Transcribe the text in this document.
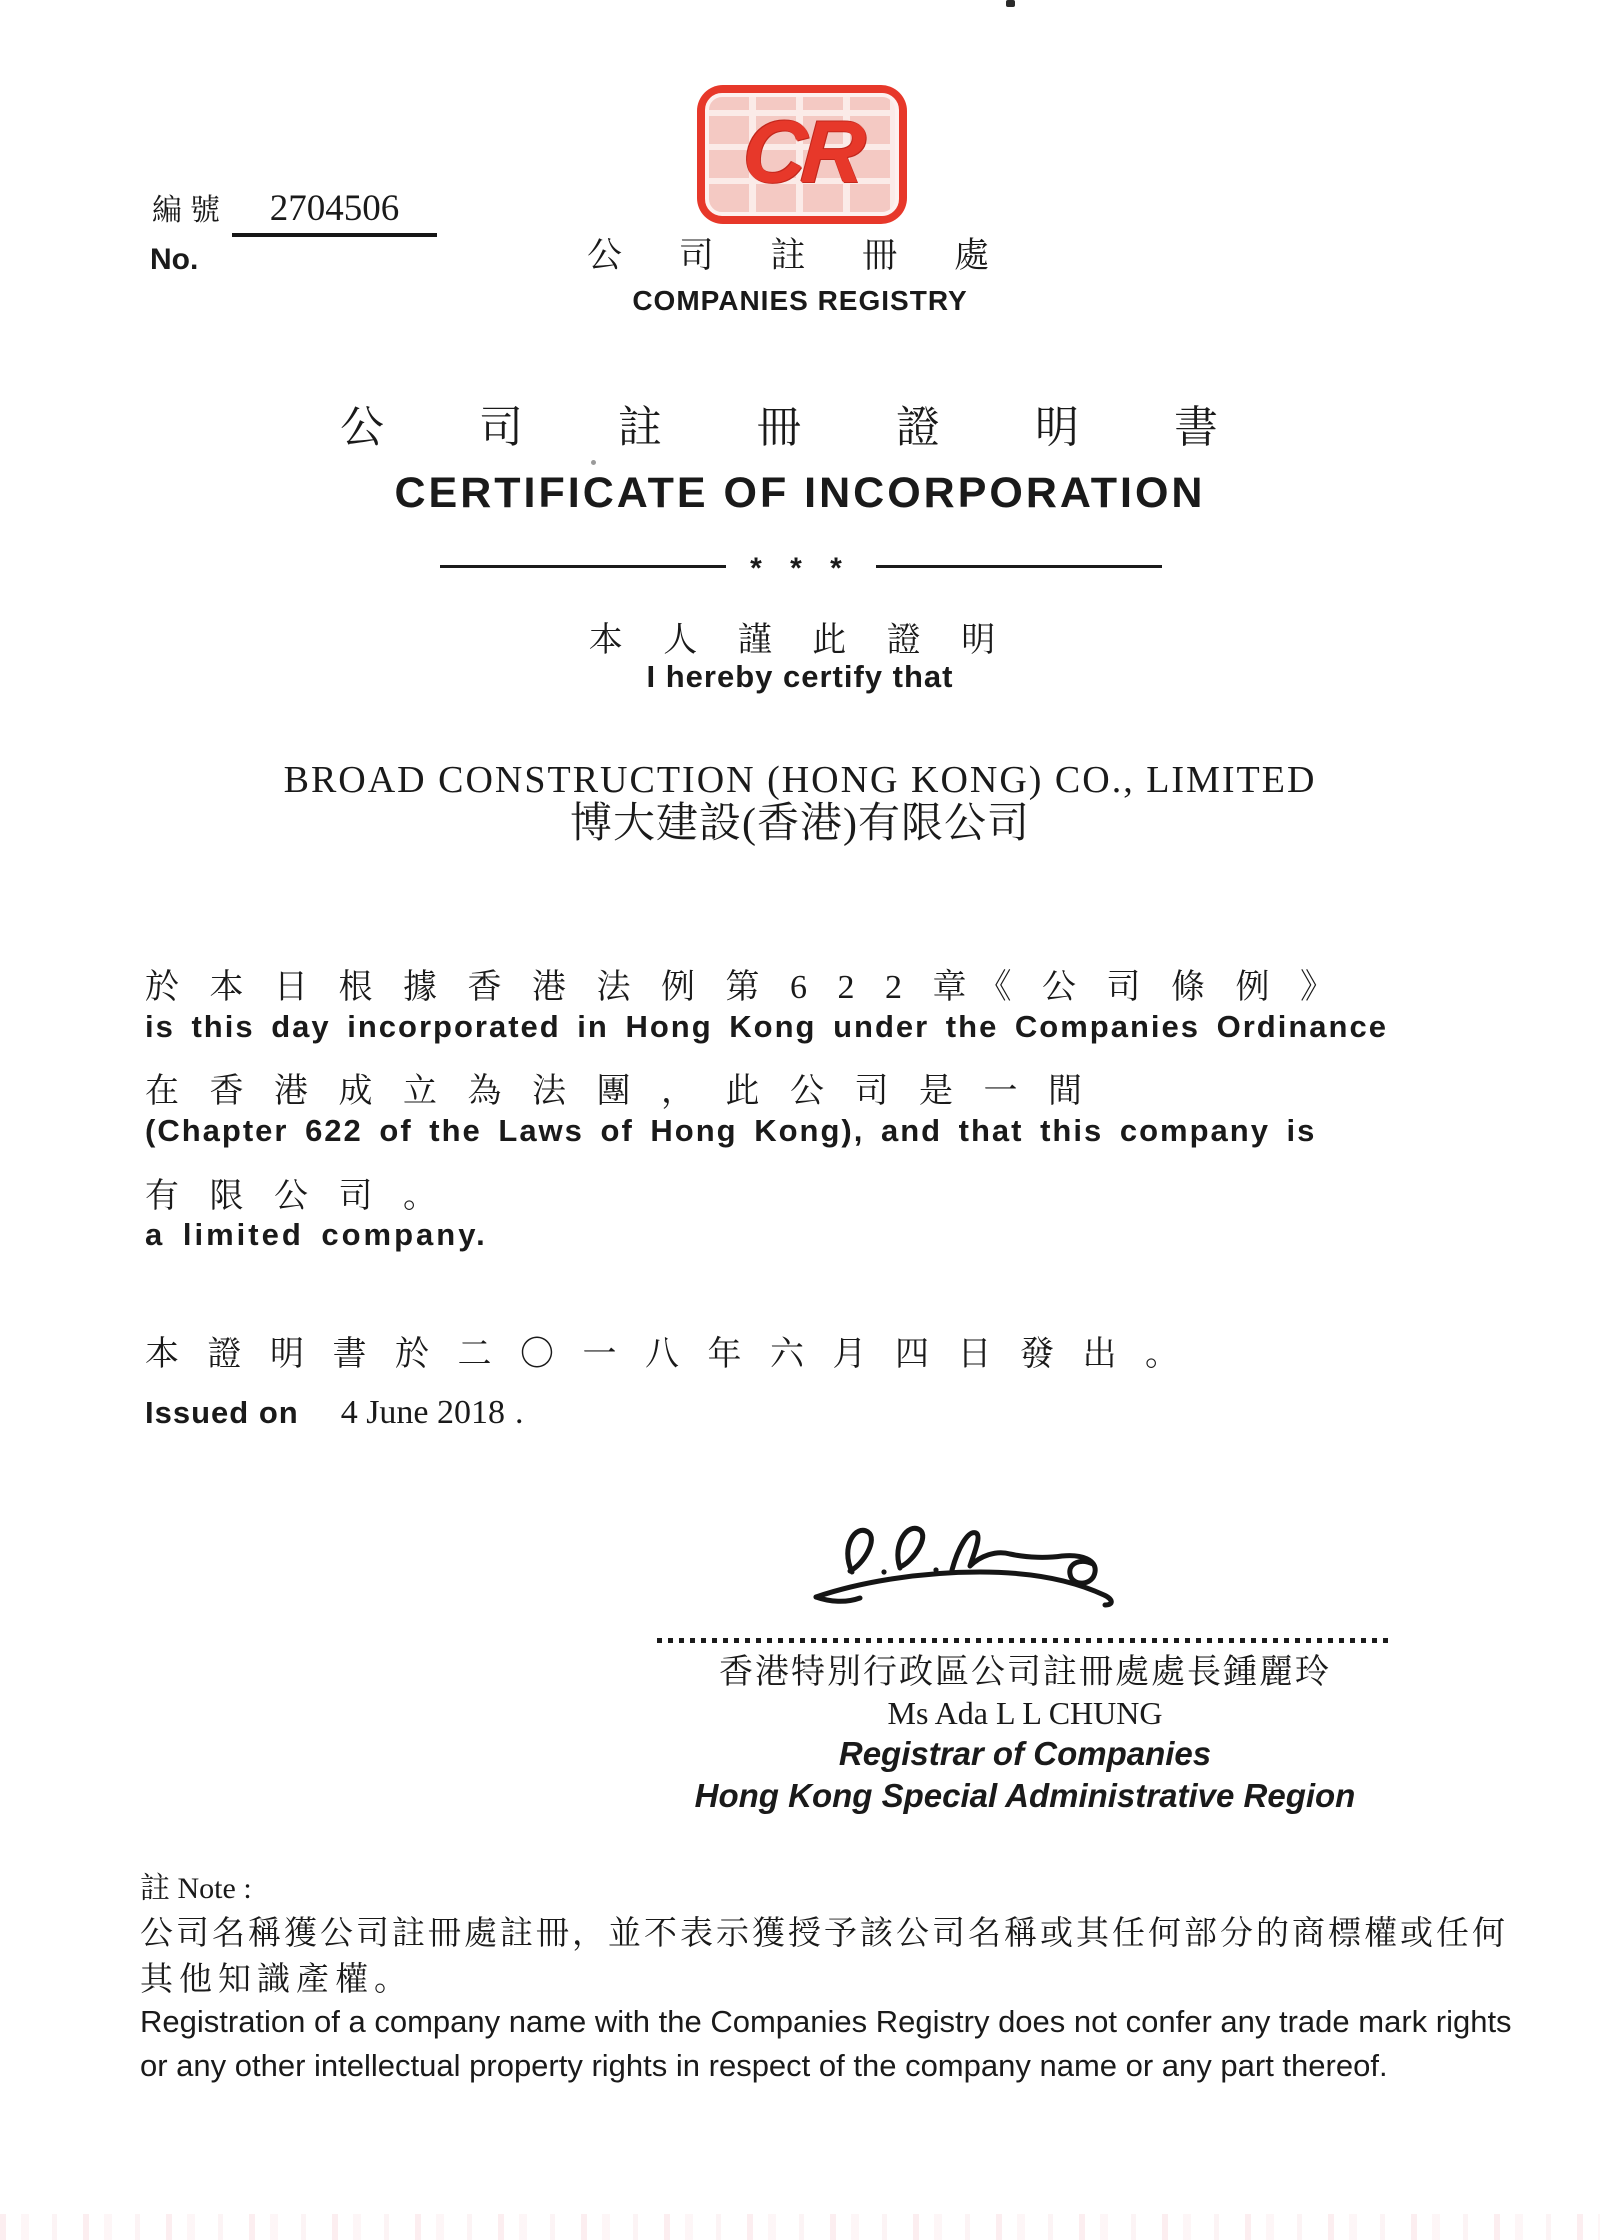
CR
編號	2704506
No.	公 司 註 冊 處
COMPANIES REGISTRY
公 司 註 冊 證 明 書
CERTIFICATE OF INCORPORATION
* * *
本 人 謹 此 證 明
I hereby certify that
BROAD CONSTRUCTION (HONG KONG) CO., LIMITED
博大建設(香港)有限公司
於 本 日 根 據 香 港 法 例 第 6 2 2 章《 公 司 條 例 》
is this day incorporated in Hong Kong under the Companies Ordinance
在 香 港 成 立 為 法 團 ， 此 公 司 是 一 間
(Chapter 622 of the Laws of Hong Kong), and that this company is
有 限 公 司 。
a limited company.
本 證 明 書 於 二 〇 一 八 年 六 月 四 日 發 出 。
Issued on 4 June 2018 .
香港特別行政區公司註冊處處長鍾麗玲
Ms Ada L L CHUNG
Registrar of Companies
Hong Kong Special Administrative Region
註 Note :
公司名稱獲公司註冊處註冊，並不表示獲授予該公司名稱或其任何部分的商標權或任何
其他知識產權。
Registration of a company name with the Companies Registry does not confer any trade mark rights
or any other intellectual property rights in respect of the company name or any part thereof.
